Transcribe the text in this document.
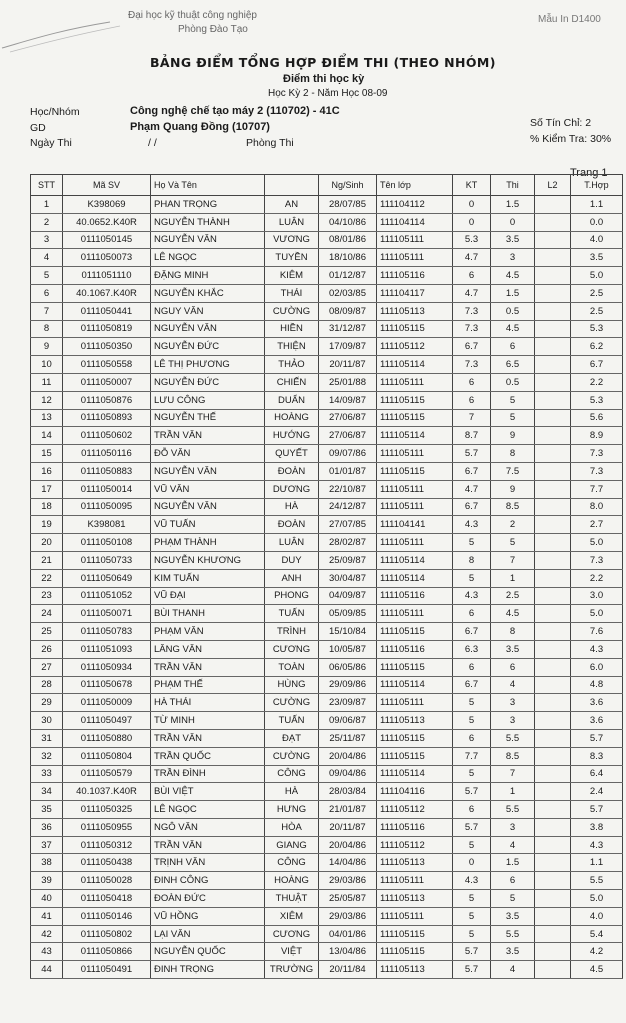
Đại học kỹ thuật công nghiệp
Phòng Đào Tạo
Mẫu In D1400
BẢNG ĐIỂM TỔNG HỢP ĐIỂM THI (THEO NHÓM)
Điểm thi học kỳ
Học Kỳ 2 - Năm Học 08-09
Học/Nhóm	Công nghệ chế tạo máy 2 (110702) - 41C
GD	Phạm Quang Đồng (10707)
Ngày Thi	/ /	Phòng Thi
Số Tín Chỉ: 2
% Kiểm Tra: 30%
Trang 1
STT	Mã SV	Họ Và Tên		Ng/Sinh	Tên lớp	KT	Thi	L2	T.Hợp
1	K398069	PHAN TRỌNG	AN	28/07/85	111104112	0	1.5		1.1
2	40.0652.K40R	NGUYỄN THÀNH	LUÂN	04/10/86	111104114	0	0		0.0
3	0111050145	NGUYỄN VĂN	VƯƠNG	08/01/86	111105111	5.3	3.5		4.0
4	0111050073	LÊ NGỌC	TUYỀN	18/10/86	111105111	4.7	3		3.5
5	0111051110	ĐẶNG MINH	KIÊM	01/12/87	111105116	6	4.5		5.0
6	40.1067.K40R	NGUYỄN KHẮC	THÁI	02/03/85	111104117	4.7	1.5		2.5
7	0111050441	NGUY VĂN	CƯỜNG	08/09/87	111105113	7.3	0.5		2.5
8	0111050819	NGUYỄN VĂN	HIỀN	31/12/87	111105115	7.3	4.5		5.3
9	0111050350	NGUYỄN ĐỨC	THIỆN	17/09/87	111105112	6.7	6		6.2
10	0111050558	LÊ THỊ PHƯƠNG	THẢO	20/11/87	111105114	7.3	6.5		6.7
11	0111050007	NGUYỄN ĐỨC	CHIẾN	25/01/88	111105111	6	0.5		2.2
12	0111050876	LƯU CÔNG	DUẨN	14/09/87	111105115	6	5		5.3
13	0111050893	NGUYỄN THẾ	HOÀNG	27/06/87	111105115	7	5		5.6
14	0111050602	TRẦN VĂN	HƯỚNG	27/06/87	111105114	8.7	9		8.9
15	0111050116	ĐỖ VĂN	QUYẾT	09/07/86	111105111	5.7	8		7.3
16	0111050883	NGUYỄN VĂN	ĐOÀN	01/01/87	111105115	6.7	7.5		7.3
17	0111050014	VŨ VĂN	DƯƠNG	22/10/87	111105111	4.7	9		7.7
18	0111050095	NGUYỄN VĂN	HÀ	24/12/87	111105111	6.7	8.5		8.0
19	K398081	VŨ TUẤN	ĐOÀN	27/07/85	111104141	4.3	2		2.7
20	0111050108	PHẠM THÀNH	LUÂN	28/02/87	111105111	5	5		5.0
21	0111050733	NGUYỄN KHƯƠNG	DUY	25/09/87	111105114	8	7		7.3
22	0111050649	KIM TUẤN	ANH	30/04/87	111105114	5	1		2.2
23	0111051052	VŨ ĐẠI	PHONG	04/09/87	111105116	4.3	2.5		3.0
24	0111050071	BÙI THANH	TUẤN	05/09/85	111105111	6	4.5		5.0
25	0111050783	PHẠM VĂN	TRÌNH	15/10/84	111105115	6.7	8		7.6
26	0111051093	LĂNG VĂN	CƯƠNG	10/05/87	111105116	6.3	3.5		4.3
27	0111050934	TRẦN VĂN	TOÀN	06/05/86	111105115	6	6		6.0
28	0111050678	PHẠM THẾ	HÙNG	29/09/86	111105114	6.7	4		4.8
29	0111050009	HÀ THÁI	CƯỜNG	23/09/87	111105111	5	3		3.6
30	0111050497	TỪ MINH	TUẤN	09/06/87	111105113	5	3		3.6
31	0111050880	TRẦN VĂN	ĐẠT	25/11/87	111105115	6	5.5		5.7
32	0111050804	TRẦN QUỐC	CƯỜNG	20/04/86	111105115	7.7	8.5		8.3
33	0111050579	TRẦN ĐÌNH	CÔNG	09/04/86	111105114	5	7		6.4
34	40.1037.K40R	BÙI VIỆT	HÀ	28/03/84	111104116	5.7	1		2.4
35	0111050325	LÊ NGỌC	HƯNG	21/01/87	111105112	6	5.5		5.7
36	0111050955	NGÔ VĂN	HÒA	20/11/87	111105116	5.7	3		3.8
37	0111050312	TRẦN VĂN	GIANG	20/04/86	111105112	5	4		4.3
38	0111050438	TRỊNH VĂN	CÔNG	14/04/86	111105113	0	1.5		1.1
39	0111050028	ĐINH CÔNG	HOÀNG	29/03/86	111105111	4.3	6		5.5
40	0111050418	ĐOÀN ĐỨC	THUẬT	25/05/87	111105113	5	5		5.0
41	0111050146	VŨ HỒNG	XIÊM	29/03/86	111105111	5	3.5		4.0
42	0111050802	LẠI VĂN	CƯƠNG	04/01/86	111105115	5	5.5		5.4
43	0111050866	NGUYỄN QUỐC	VIỆT	13/04/86	111105115	5.7	3.5		4.2
44	0111050491	ĐINH TRỌNG	TRƯỜNG	20/11/84	111105113	5.7	4		4.5
